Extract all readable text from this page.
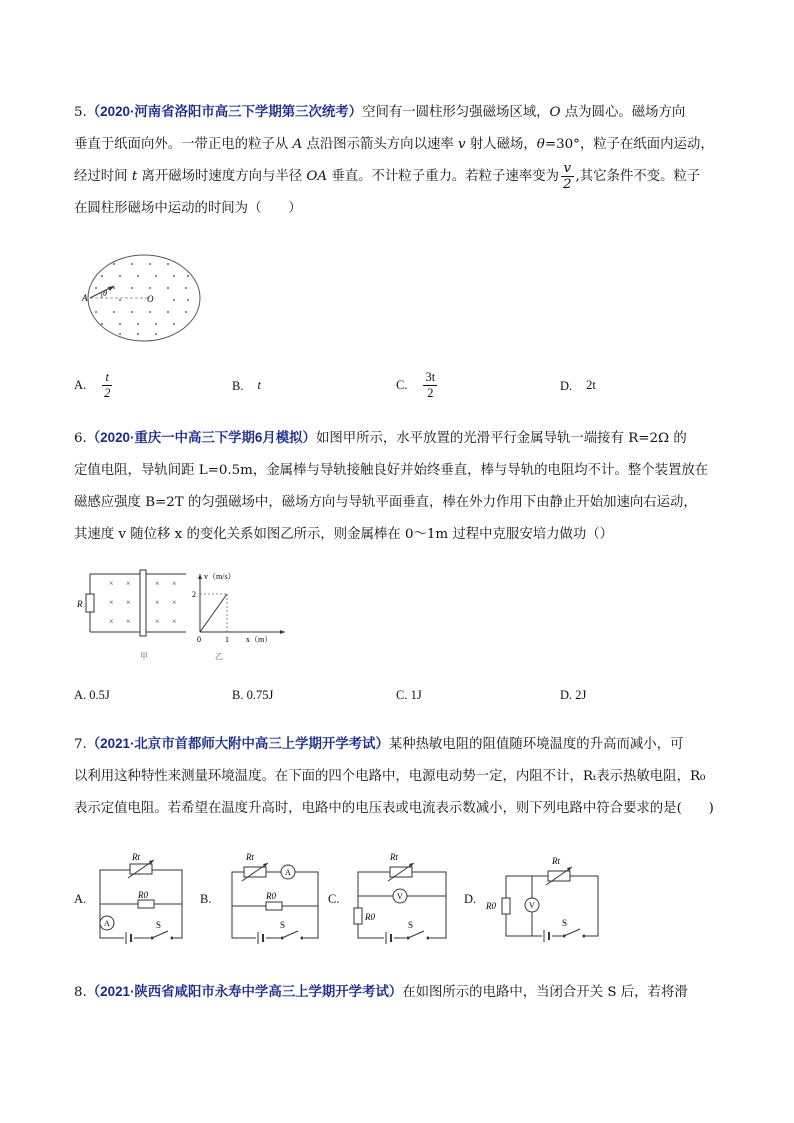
5.（2020·河南省洛阳市高三下学期第三次统考）空间有一圆柱形匀强磁场区域，O 点为圆心。磁场方向
垂直于纸面向外。一带正电的粒子从 A 点沿图示箭头方向以速率 v 射人磁场，θ=30°，粒子在纸面内运动，
经过时间 t 离开磁场时速度方向与半径 OA 垂直。不计粒子重力。若粒子速率变为 $\frac{v}{2}$ ,其它条件不变。粒子
在圆柱形磁场中运动的时间为（　　）
A θ
O
A. $\frac{t}{2}$	B. t	C. $\frac{3t}{2}$	D. 2t
6.（2020·重庆一中高三下学期6月模拟）如图甲所示，水平放置的光滑平行金属导轨一端接有 R=2Ω 的
定值电阻，导轨间距 L=0.5m，金属棒与导轨接触良好并始终垂直，棒与导轨的电阻均不计。整个装置放在
磁感应强度 B=2T 的匀强磁场中，磁场方向与导轨平面垂直，棒在外力作用下由静止开始加速向右运动，
其速度 v 随位移 x 的变化关系如图乙所示，则金属棒在 0～1m 过程中克服安培力做功（）
R
× ×	× ×
× ×	× ×
× ×	× ×
甲
v（m/s）
2
0	1 x（m）
乙
A. 0.5J	B. 0.75J	C. 1J	D. 2J
7.（2021·北京市首都师大附中高三上学期开学考试）某种热敏电阻的阻值随环境温度的升高而减小，可
以利用这种特性来测量环境温度。在下面的四个电路中，电源电动势一定，内阻不计，Rₜ表示热敏电阻，R₀
表示定值电阻。若希望在温度升高时，电路中的电压表或电流表示数减小，则下列电路中符合要求的是(　　)
A.
Rt
R0
A	S
B.
Rt
A
R0
S
C.
Rt
V
R0
S
D.
Rt
V
R0
S
8.（2021·陕西省咸阳市永寿中学高三上学期开学考试）在如图所示的电路中，当闭合开关 S 后，若将滑
